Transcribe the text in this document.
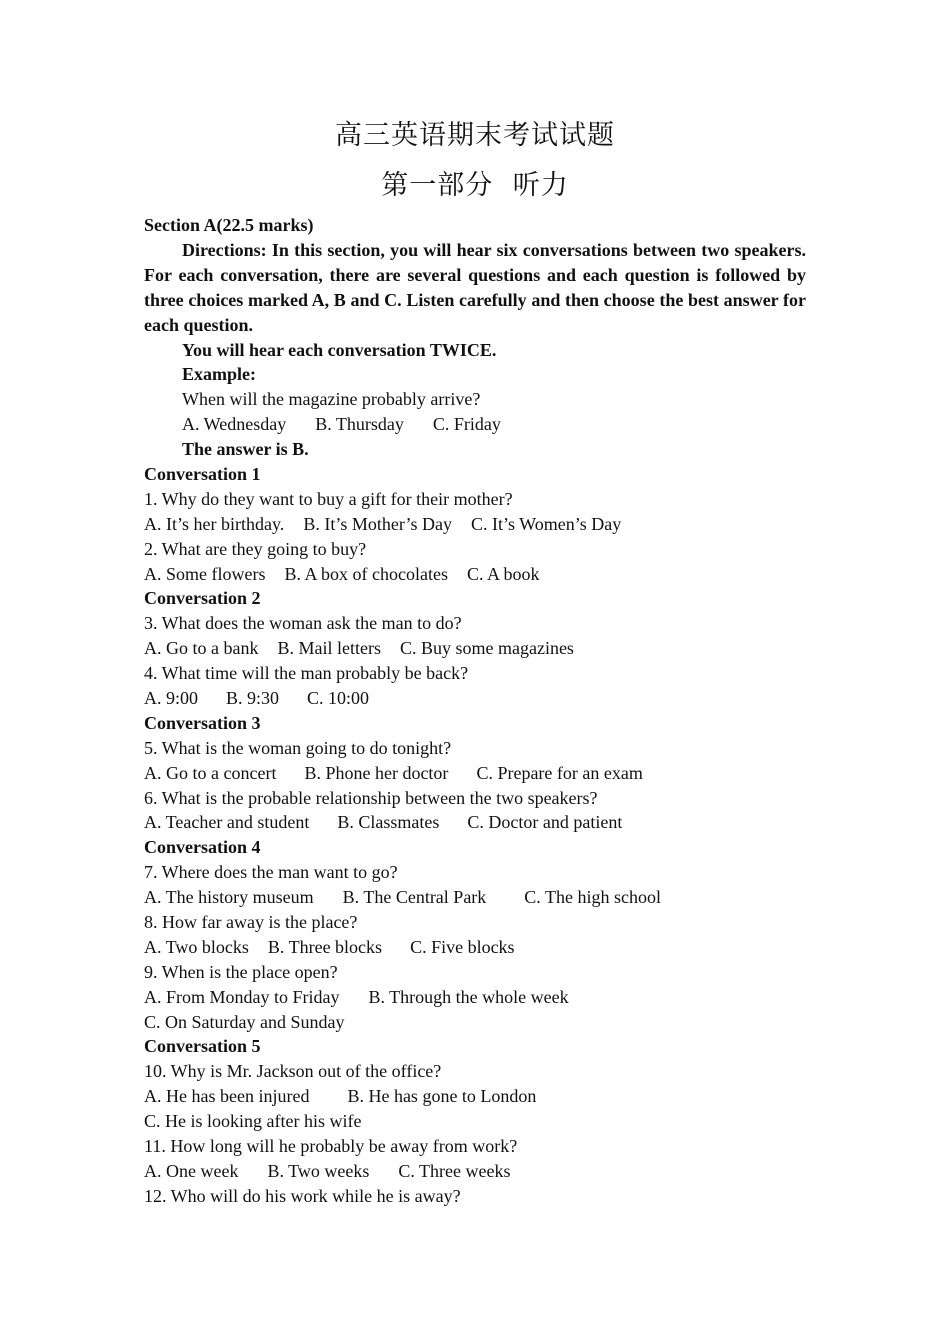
高三英语期末考试试题
第一部分 听力
Section A(22.5 marks)
Directions: In this section, you will hear six conversations between two speakers. For each conversation, there are several questions and each question is followed by three choices marked A, B and C. Listen carefully and then choose the best answer for each question.
You will hear each conversation TWICE.
Example:
When will the magazine probably arrive?
A. Wednesday B. Thursday C. Friday
The answer is B.
Conversation 1
1. Why do they want to buy a gift for their mother?
A. It’s her birthday. B. It’s Mother’s Day C. It’s Women’s Day
2. What are they going to buy?
A. Some flowers B. A box of chocolates C. A book
Conversation 2
3. What does the woman ask the man to do?
A. Go to a bank B. Mail letters C. Buy some magazines
4. What time will the man probably be back?
A. 9:00 B. 9:30 C. 10:00
Conversation 3
5. What is the woman going to do tonight?
A. Go to a concert B. Phone her doctor C. Prepare for an exam
6. What is the probable relationship between the two speakers?
A. Teacher and student B. Classmates C. Doctor and patient
Conversation 4
7. Where does the man want to go?
A. The history museum B. The Central Park C. The high school
8. How far away is the place?
A. Two blocks B. Three blocks C. Five blocks
9. When is the place open?
A. From Monday to Friday B. Through the whole week
C. On Saturday and Sunday
Conversation 5
10. Why is Mr. Jackson out of the office?
A. He has been injured B. He has gone to London
C. He is looking after his wife
11. How long will he probably be away from work?
A. One week B. Two weeks C. Three weeks
12. Who will do his work while he is away?
